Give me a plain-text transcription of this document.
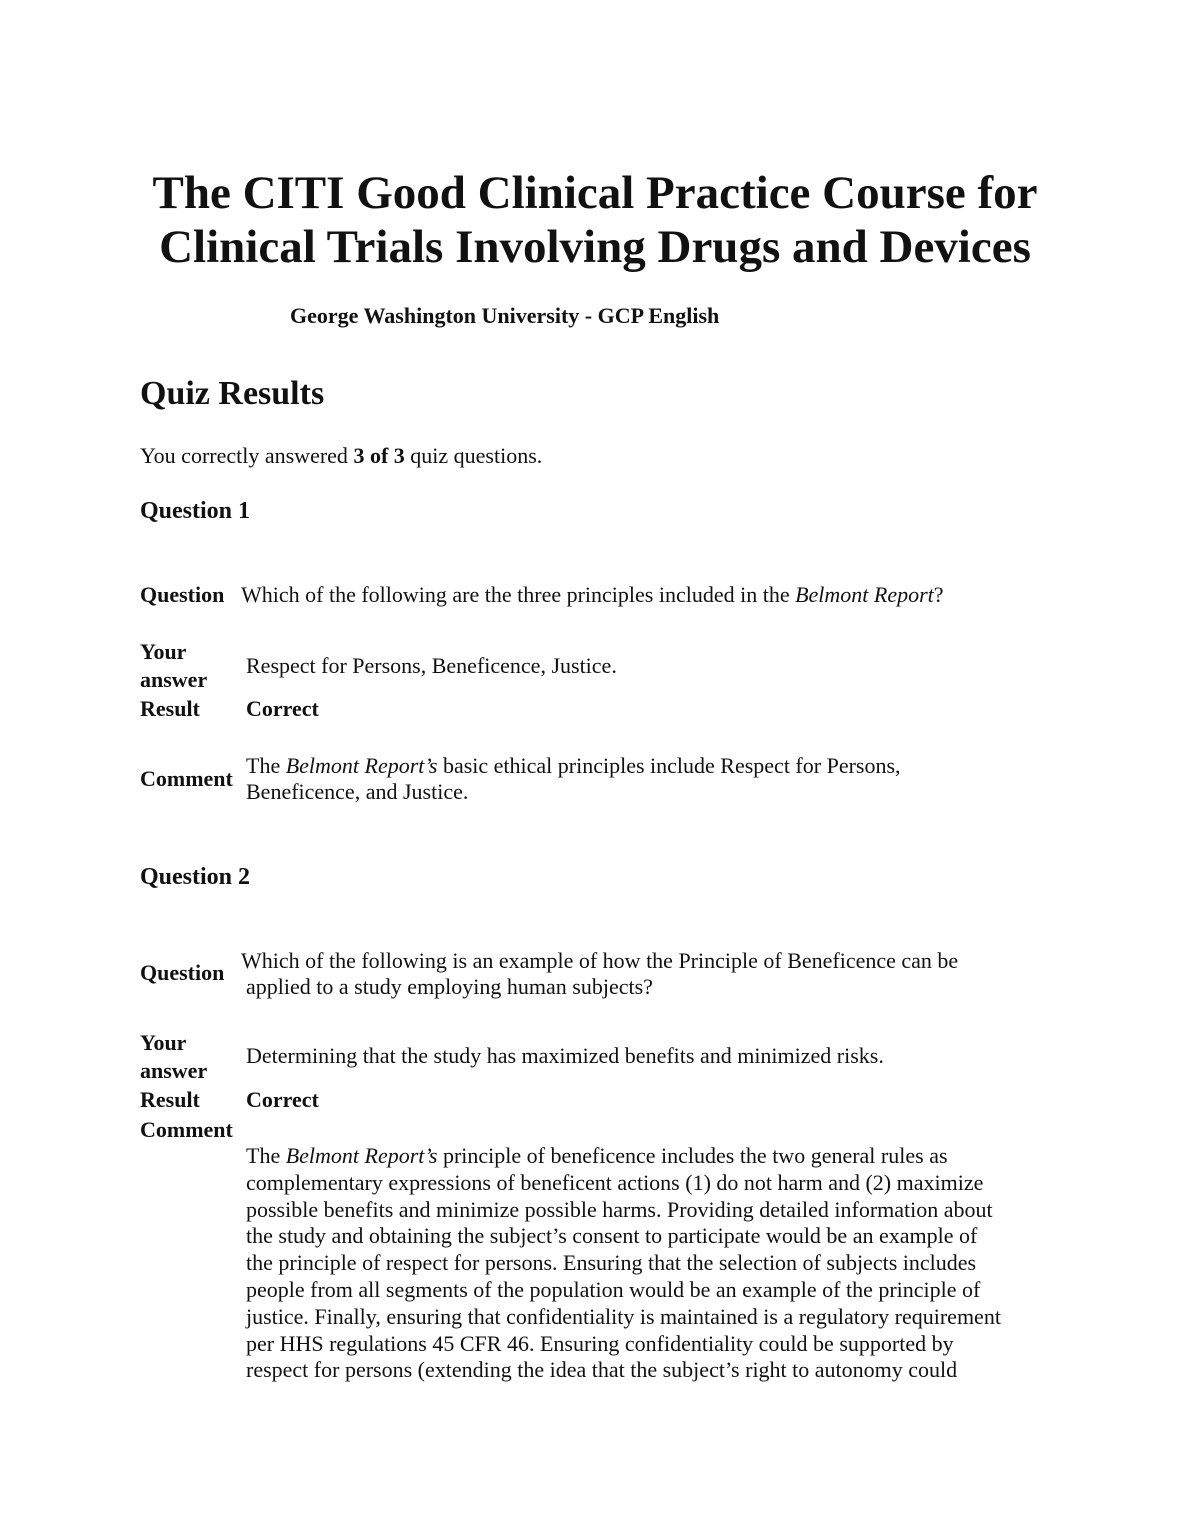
The CITI Good Clinical Practice Course for
Clinical Trials Involving Drugs and Devices
George Washington University - GCP English
Quiz Results
You correctly answered 3 of 3 quiz questions.
Question 1
Question Which of the following are the three principles included in the Belmont Report?
Your
answer
Respect for Persons, Beneficence, Justice.
Result Correct
Comment
The Belmont Report’s basic ethical principles include Respect for Persons,
Beneficence, and Justice.
Question 2
Question Which of the following is an example of how the Principle of Beneficence can be
applied to a study employing human subjects?
Your
answer
Determining that the study has maximized benefits and minimized risks.
Result Correct
Comment
The Belmont Report’s principle of beneficence includes the two general rules as
complementary expressions of beneficent actions (1) do not harm and (2) maximize
possible benefits and minimize possible harms. Providing detailed information about
the study and obtaining the subject’s consent to participate would be an example of
the principle of respect for persons. Ensuring that the selection of subjects includes
people from all segments of the population would be an example of the principle of
justice. Finally, ensuring that confidentiality is maintained is a regulatory requirement
per HHS regulations 45 CFR 46. Ensuring confidentiality could be supported by
respect for persons (extending the idea that the subject’s right to autonomy could
